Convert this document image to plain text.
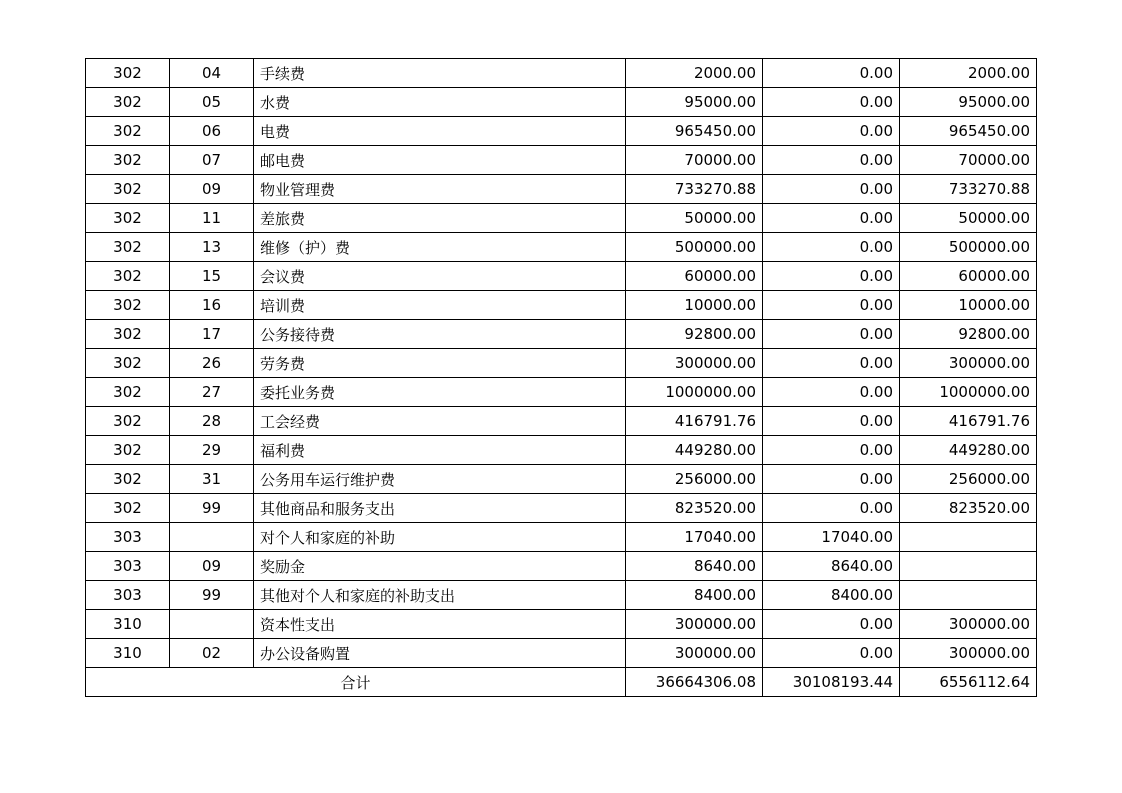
302	04	手续费	2000.00	0.00	2000.00
302	05	水费	95000.00	0.00	95000.00
302	06	电费	965450.00	0.00	965450.00
302	07	邮电费	70000.00	0.00	70000.00
302	09	物业管理费	733270.88	0.00	733270.88
302	11	差旅费	50000.00	0.00	50000.00
302	13	维修（护）费	500000.00	0.00	500000.00
302	15	会议费	60000.00	0.00	60000.00
302	16	培训费	10000.00	0.00	10000.00
302	17	公务接待费	92800.00	0.00	92800.00
302	26	劳务费	300000.00	0.00	300000.00
302	27	委托业务费	1000000.00	0.00	1000000.00
302	28	工会经费	416791.76	0.00	416791.76
302	29	福利费	449280.00	0.00	449280.00
302	31	公务用车运行维护费	256000.00	0.00	256000.00
302	99	其他商品和服务支出	823520.00	0.00	823520.00
303		对个人和家庭的补助	17040.00	17040.00	
303	09	奖励金	8640.00	8640.00	
303	99	其他对个人和家庭的补助支出	8400.00	8400.00	
310		资本性支出	300000.00	0.00	300000.00
310	02	办公设备购置	300000.00	0.00	300000.00
合计			36664306.08	30108193.44	6556112.64
